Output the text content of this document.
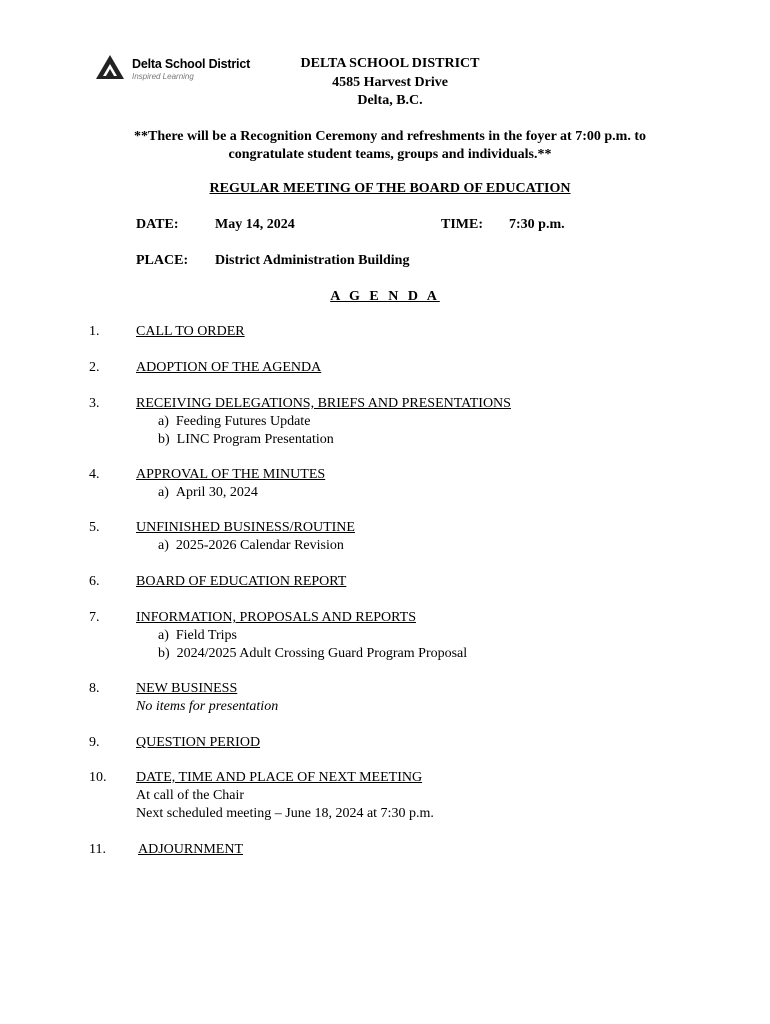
Delta School District
Inspired Learning
DELTA SCHOOL DISTRICT
4585 Harvest Drive
Delta, B.C.
**There will be a Recognition Ceremony and refreshments in the foyer at 7:00 p.m. to
congratulate student teams, groups and individuals.**
REGULAR MEETING OF THE BOARD OF EDUCATION
DATE:	May 14, 2024	TIME: 7:30 p.m.
PLACE: District Administration Building
A G E N D A
1.	CALL TO ORDER
2.	ADOPTION OF THE AGENDA
3.	RECEIVING DELEGATIONS, BRIEFS AND PRESENTATIONS
a)  Feeding Futures Update
b)  LINC Program Presentation
4.	APPROVAL OF THE MINUTES
a)  April 30, 2024
5.	UNFINISHED BUSINESS/ROUTINE
a)  2025-2026 Calendar Revision
6.	BOARD OF EDUCATION REPORT
7.	INFORMATION, PROPOSALS AND REPORTS
a)  Field Trips
b)  2024/2025 Adult Crossing Guard Program Proposal
8.	NEW BUSINESS
No items for presentation
9.	QUESTION PERIOD
10. DATE, TIME AND PLACE OF NEXT MEETING
At call of the Chair
Next scheduled meeting – June 18, 2024 at 7:30 p.m.
11. ADJOURNMENT
